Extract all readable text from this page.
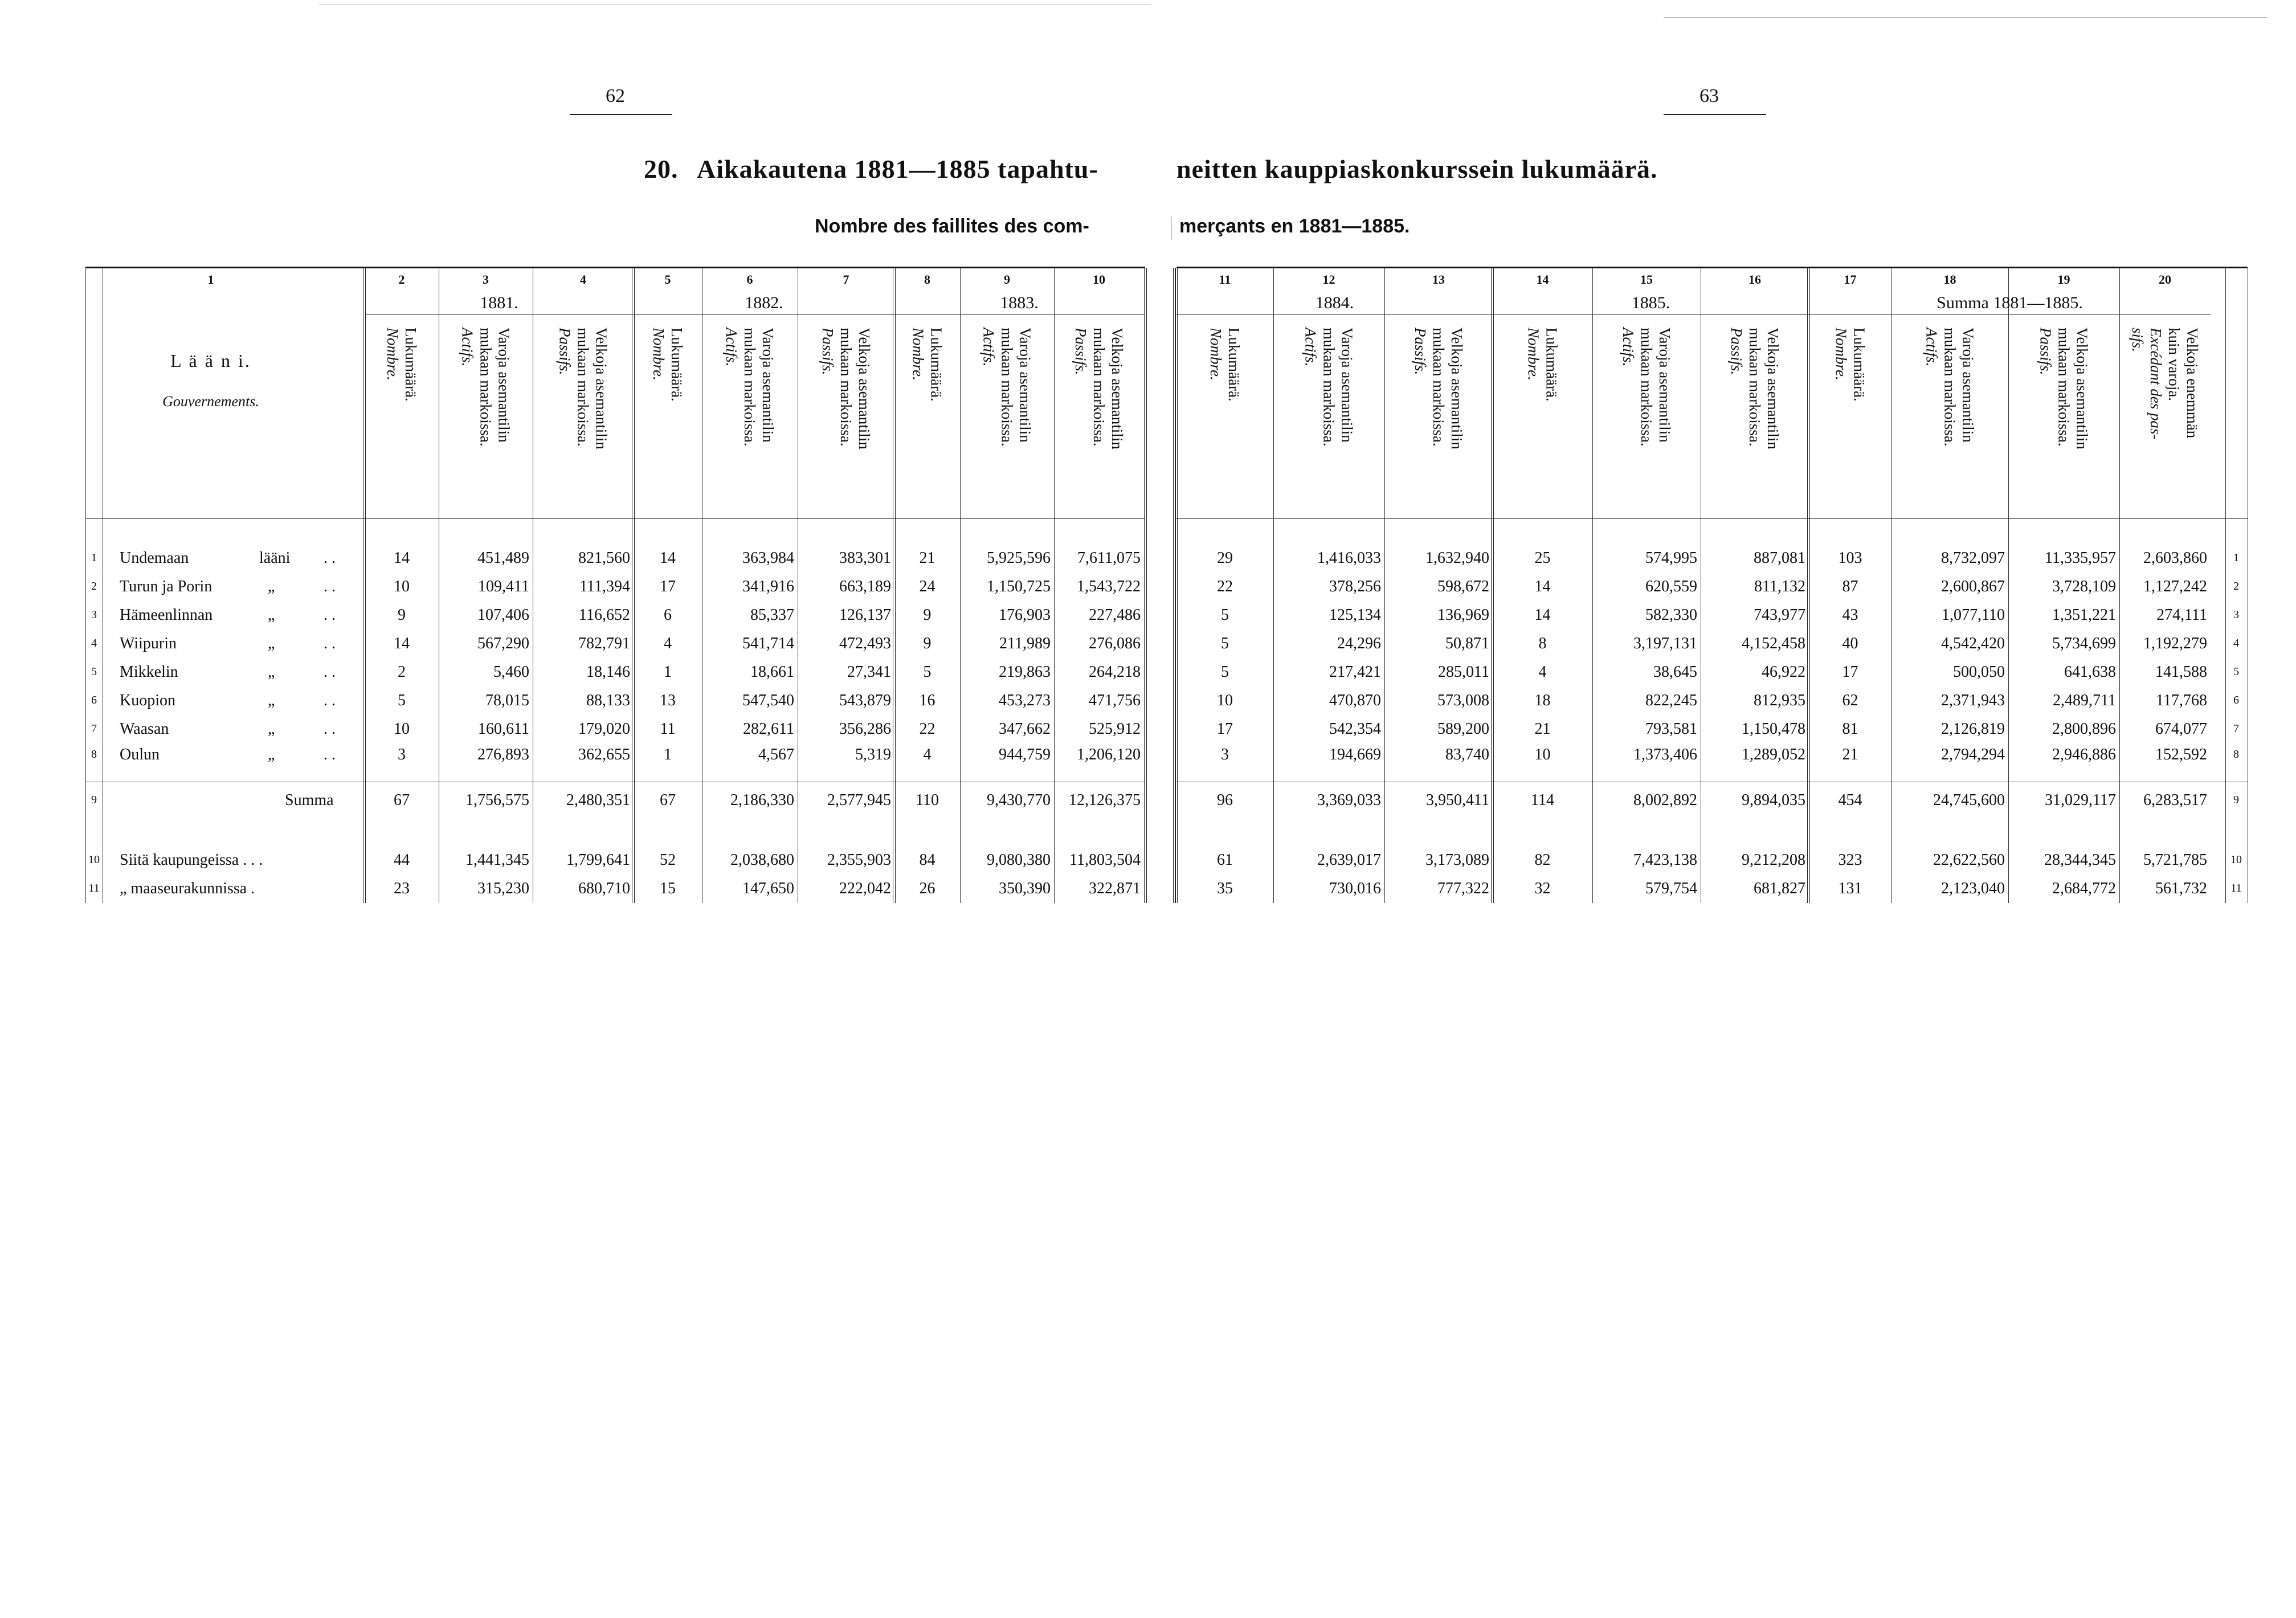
62	63
20. Aikakautena 1881—1885 tapahtu-	neitten kauppiaskonkurssein lukumäärä.
Nombre des faillites des com-	merçants en 1881—1885.
L ä ä n i.
Gouvernements.
1	2	3	4	5	6	7	8	9	10	11	12	13	14	15	16	17	18	19	20
1881.	1882.	1883.	1884.	1885.	Summa 1881—1885.
Lukumäärä.
Nombre.	Varoja asemantilin
mukaan markoissa.
Actifs.	Velkoja asemantilin
mukaan markoissa.
Passifs.	Lukumäärä.
Nombre.	Varoja asemantilin
mukaan markoissa.
Actifs.	Velkoja asemantilin
mukaan markoissa.
Passifs.	Lukumäärä.
Nombre.	Varoja asemantilin
mukaan markoissa.
Actifs.	Velkoja asemantilin
mukaan markoissa.
Passifs.	Lukumäärä.
Nombre.	Varoja asemantilin
mukaan markoissa.
Actifs.	Velkoja asemantilin
mukaan markoissa.
Passifs.	Lukumäärä.
Nombre.	Varoja asemantilin
mukaan markoissa.
Actifs.	Velkoja asemantilin
mukaan markoissa.
Passifs.	Lukumäärä.
Nombre.	Varoja asemantilin
mukaan markoissa.
Actifs.	Velkoja asemantilin
mukaan markoissa.
Passifs.	Velkoja enemmän
kuin varoja.
Excédant des pas-
sifs.
1	1
Undemaan	lääni . .	14	451,489	821,560	14	363,984	383,301	21	5,925,596	7,611,075	29	1,416,033	1,632,940	25	574,995	887,081	103	8,732,097	11,335,957	2,603,860
2	2
Turun ja Porin	„	. .	10	109,411	111,394	17	341,916	663,189	24	1,150,725	1,543,722	22	378,256	598,672	14	620,559	811,132	87	2,600,867	3,728,109	1,127,242
3	3
Hämeenlinnan	„	. .	9	107,406	116,652	6	85,337	126,137	9	176,903	227,486	5	125,134	136,969	14	582,330	743,977	43	1,077,110	1,351,221	274,111
4	4
Wiipurin	„	. .	14	567,290	782,791	4	541,714	472,493	9	211,989	276,086	5	24,296	50,871	8	3,197,131	4,152,458	40	4,542,420	5,734,699	1,192,279
5	5
Mikkelin	„	. .	2	5,460	18,146	1	18,661	27,341	5	219,863	264,218	5	217,421	285,011	4	38,645	46,922	17	500,050	641,638	141,588
6	6
Kuopion	„	. .	5	78,015	88,133	13	547,540	543,879	16	453,273	471,756	10	470,870	573,008	18	822,245	812,935	62	2,371,943	2,489,711	117,768
7	7
Waasan	„	. .	10	160,611	179,020	11	282,611	356,286	22	347,662	525,912	17	542,354	589,200	21	793,581	1,150,478	81	2,126,819	2,800,896	674,077
8	8
Oulun	„	. .	3	276,893	362,655	1	4,567	5,319	4	944,759	1,206,120	3	194,669	83,740	10	1,373,406	1,289,052	21	2,794,294	2,946,886	152,592
9	9
Summa	67	1,756,575	2,480,351	67	2,186,330	2,577,945	110	9,430,770	12,126,375	96	3,369,033	3,950,411	114	8,002,892	9,894,035	454	24,745,600	31,029,117	6,283,517
10	10
Siitä kaupungeissa . . .	44	1,441,345	1,799,641	52	2,038,680	2,355,903	84	9,080,380	11,803,504	61	2,639,017	3,173,089	82	7,423,138	9,212,208	323	22,622,560	28,344,345	5,721,785
11	11
„ maaseurakunnissa .	23	315,230	680,710	15	147,650	222,042	26	350,390	322,871	35	730,016	777,322	32	579,754	681,827	131	2,123,040	2,684,772	561,732
